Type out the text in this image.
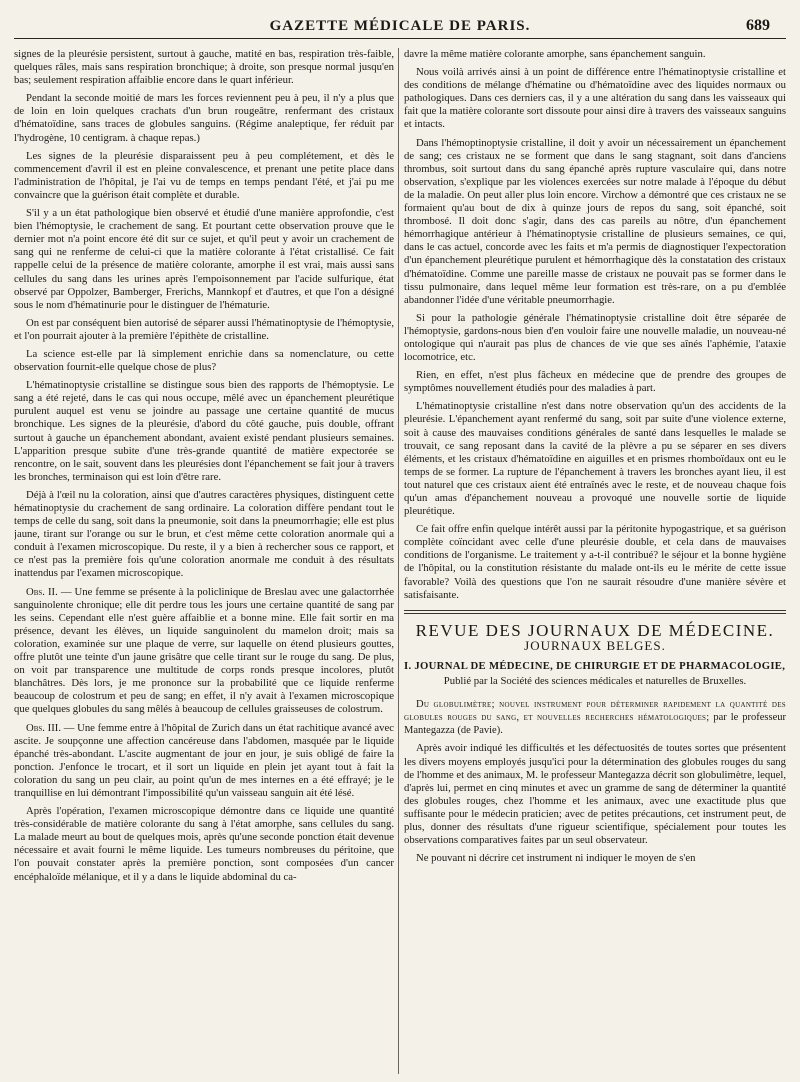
GAZETTE MÉDICALE DE PARIS.	689

signes de la pleurésie persistent, surtout à gauche, matité en bas, respiration très-faible, quelques râles, mais sans respiration bronchique; à droite, son presque normal jusqu'en bas; seulement respiration affaiblie encore dans le quart inférieur.

Pendant la seconde moitié de mars les forces reviennent peu à peu, il n'y a plus que de loin en loin quelques crachats d'un brun rougeâtre, renfermant des cristaux d'hématoïdine, sans traces de globules sanguins. (Régime analeptique, fer réduit par l'hydrogène, 10 centigram. à chaque repas.)

Les signes de la pleurésie disparaissent peu à peu complétement, et dès le commencement d'avril il est en pleine convalescence, et prenant une petite place dans l'administration de l'hôpital, je l'ai vu de temps en temps pendant l'été, et j'ai pu me convaincre que la guérison était complète et durable.

S'il y a un état pathologique bien observé et étudié d'une manière approfondie, c'est bien l'hémoptysie, le crachement de sang. Et pourtant cette observation prouve que le dernier mot n'a point encore été dit sur ce sujet, et qu'il peut y avoir un crachement de sang qui ne renferme de celui-ci que la matière colorante à l'état cristallisé. Ce fait rappelle celui de la présence de matière colorante, amorphe il est vrai, mais aussi sans cellules du sang dans les urines après l'empoisonnement par l'acide sulfurique, état observé par Oppolzer, Bamberger, Frerichs, Mannkopf et d'autres, et que l'on a désigné sous le nom d'hématinurie pour le distinguer de l'hématurie.

On est par conséquent bien autorisé de séparer aussi l'hématinoptysie de l'hémoptysie, et l'on pourrait ajouter à la première l'épithète de cristalline.

La science est-elle par là simplement enrichie dans sa nomenclature, ou cette observation fournit-elle quelque chose de plus?

L'hématinoptysie cristalline se distingue sous bien des rapports de l'hémoptysie. Le sang a été rejeté, dans le cas qui nous occupe, mêlé avec un épanchement pleurétique purulent auquel est venu se joindre au passage une certaine quantité de mucus bronchique. Les signes de la pleurésie, d'abord du côté gauche, puis double, offrant surtout à gauche un épanchement abondant, avaient existé pendant plusieurs semaines. L'apparition presque subite d'une très-grande quantité de matière expectorée se rencontre, on le sait, souvent dans les pleurésies dont l'épanchement se fait jour à travers les bronches, terminaison qui est loin d'être rare.

Déjà à l'œil nu la coloration, ainsi que d'autres caractères physiques, distinguent cette hématinoptysie du crachement de sang ordinaire. La coloration diffère pendant tout le temps de celle du sang, soit dans la pneumonie, soit dans la pneumorrhagie; elle est plus jaune, tirant sur l'orange ou sur le brun, et c'est même cette coloration anormale qui a conduit à l'examen microscopique. Du reste, il y a bien à rechercher sous ce rapport, et ce n'est pas la première fois qu'une coloration anormale me conduit à des résultats inattendus par l'examen microscopique.

Obs. II. — Une femme se présente à la policlinique de Breslau avec une galactorrhée sanguinolente chronique; elle dit perdre tous les jours une certaine quantité de sang par les seins. Cependant elle n'est guère affaiblie et a bonne mine. Elle fait sortir en ma présence, devant les élèves, un liquide sanguinolent du mamelon droit; mais sa coloration, examinée sur une plaque de verre, sur laquelle on étend plusieurs gouttes, offre plutôt une teinte d'un jaune grisâtre que celle tirant sur le rouge du sang. De plus, on voit par transparence une multitude de corps ronds presque incolores, plutôt blanchâtres. Dès lors, je me prononce sur la probabilité que ce liquide renferme beaucoup de colostrum et peu de sang; en effet, il n'y avait à l'examen microscopique que quelques globules du sang mêlés à beaucoup de cellules graisseuses de colostrum.

Obs. III. — Une femme entre à l'hôpital de Zurich dans un état rachitique avancé avec ascite. Je soupçonne une affection cancéreuse dans l'abdomen, masquée par le liquide épanché très-abondant. L'ascite augmentant de jour en jour, je suis obligé de faire la ponction. J'enfonce le trocart, et il sort un liquide en plein jet ayant tout à fait la coloration du sang un peu clair, au point qu'un de mes internes en a été effrayé; je le tranquillise en lui démontrant l'impossibilité qu'un vaisseau sanguin ait été lésé.

Après l'opération, l'examen microscopique démontre dans ce liquide une quantité très-considérable de matière colorante du sang à l'état amorphe, sans cellules du sang. La malade meurt au bout de quelques mois, après qu'une seconde ponction était devenue nécessaire et avait fourni le même liquide. Les tumeurs nombreuses du péritoine, que l'on pouvait constater après la première ponction, sont composées d'un cancer encéphaloïde mélanique, et il y a dans le liquide abdominal du ca-

davre la même matière colorante amorphe, sans épanchement sanguin.

Nous voilà arrivés ainsi à un point de différence entre l'hématinoptysie cristalline et des conditions de mélange d'hématine ou d'hématoïdine avec des liquides normaux ou pathologiques. Dans ces derniers cas, il y a une altération du sang dans les vaisseaux qui fait que la matière colorante sort dissoute pour ainsi dire à travers des vaisseaux sanguins et intacts.

Dans l'hémoptinoptysie cristalline, il doit y avoir un nécessairement un épanchement de sang; ces cristaux ne se forment que dans le sang stagnant, soit dans d'anciens thrombus, soit surtout dans du sang épanché après rupture vasculaire qui, dans notre observation, s'explique par les violences exercées sur notre malade à l'époque du début de la maladie. On peut aller plus loin encore. Virchow a démontré que ces cristaux ne se formaient qu'au bout de dix à quinze jours de repos du sang, soit épanché, soit thrombosé. Il doit donc s'agir, dans des cas pareils au nôtre, d'un épanchement hémorrhagique antérieur à l'hématinoptysie cristalline de plusieurs semaines, ce qui, dans le cas actuel, concorde avec les faits et m'a permis de diagnostiquer l'expectoration d'un épanchement pleurétique purulent et hémorrhagique dès la constatation des cristaux d'hématoïdine. Comme une pareille masse de cristaux ne pouvait pas se former dans le tissu pulmonaire, dans lequel même leur formation est très-rare, on a pu d'emblée abandonner l'idée d'une véritable pneumorrhagie.

Si pour la pathologie générale l'hématinoptysie cristalline doit être séparée de l'hémoptysie, gardons-nous bien d'en vouloir faire une nouvelle maladie, un nouveau-né ontologique qui n'aurait pas plus de chances de vie que ses aînés l'aphémie, l'ataxie locomotrice, etc.

Rien, en effet, n'est plus fâcheux en médecine que de prendre des groupes de symptômes nouvellement étudiés pour des maladies à part.

L'hématinoptysie cristalline n'est dans notre observation qu'un des accidents de la pleurésie. L'épanchement ayant renfermé du sang, soit par suite d'une violence externe, soit à cause des mauvaises conditions générales de santé dans lesquelles le malade se trouvait, ce sang reposant dans la cavité de la plèvre a pu se séparer en ses divers éléments, et les cristaux d'hématoïdine en aiguilles et en prismes rhomboïdaux ont eu le temps de se former. La rupture de l'épanchement à travers les bronches ayant lieu, il est tout naturel que ces cristaux aient été entraînés avec le reste, et de nouveau chaque fois qu'un amas d'épanchement nouveau a provoqué une nouvelle sortie de liquide pleurétique.

Ce fait offre enfin quelque intérêt aussi par la péritonite hypogastrique, et sa guérison complète coïncidant avec celle d'une pleurésie double, et cela dans de mauvaises conditions de l'organisme. Le traitement y a-t-il contribué? le séjour et la bonne hygiène de l'hôpital, ou la constitution résistante du malade ont-ils eu le mérite de cette issue favorable? Voilà des questions que l'on ne saurait résoudre d'une manière sévère et satisfaisante.

REVUE DES JOURNAUX DE MÉDECINE.
JOURNAUX BELGES.
I. JOURNAL DE MÉDECINE, DE CHIRURGIE ET DE PHARMACOLOGIE,
Publié par la Société des sciences médicales et naturelles de Bruxelles.

Du globulimètre; nouvel instrument pour déterminer rapidement la quantité des globules rouges du sang, et nouvelles recherches hématologiques; par le professeur Mantegazza (de Pavie).

Après avoir indiqué les difficultés et les défectuosités de toutes sortes que présentent les divers moyens employés jusqu'ici pour la détermination des globules rouges du sang de l'homme et des animaux, M. le professeur Mantegazza décrit son globulimètre, lequel, d'après lui, permet en cinq minutes et avec un gramme de sang de déterminer la quantité des globules rouges, chez l'homme et les animaux, avec une exactitude plus que suffisante pour le médecin praticien; avec de petites précautions, cet instrument peut, de plus, donner des résultats d'une rigueur scientifique, spécialement pour toutes les observations comparatives faites par un seul observateur.

Ne pouvant ni décrire cet instrument ni indiquer le moyen de s'en
